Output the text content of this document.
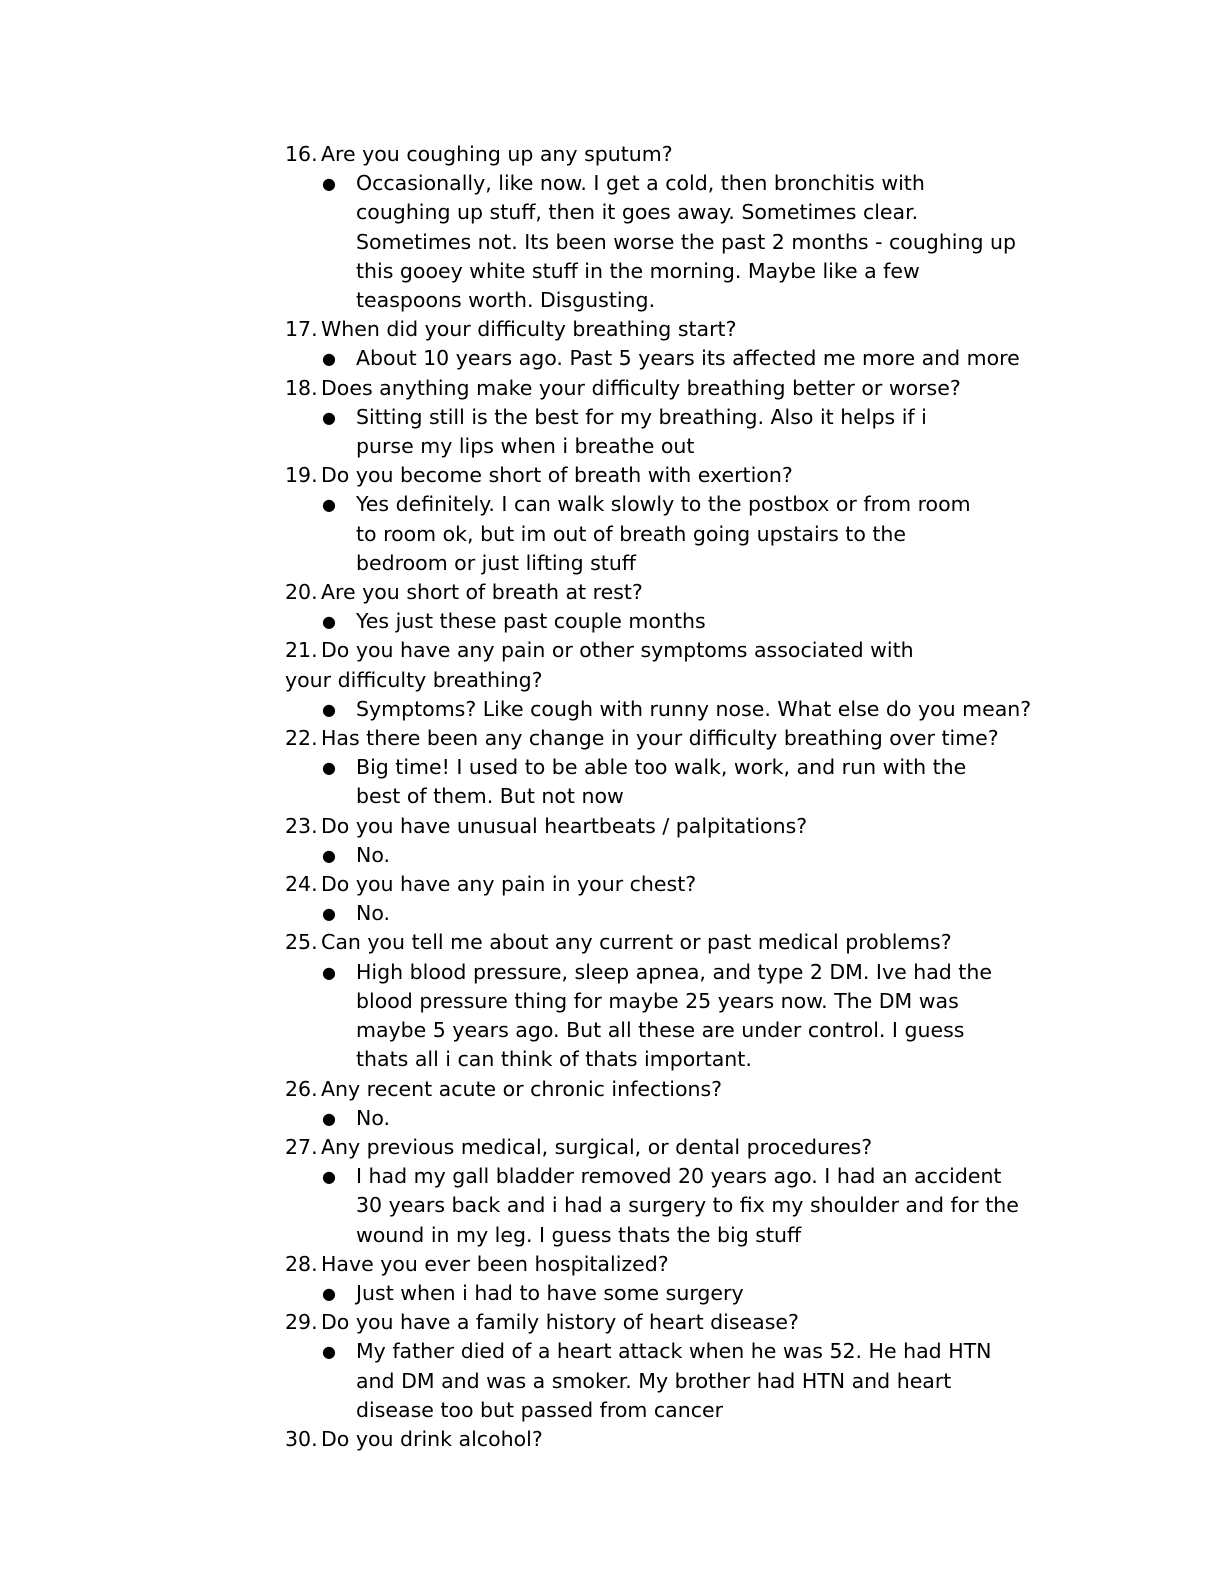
16. Are you coughing up any sputum?
● Occasionally, like now. I get a cold, then bronchitis with
coughing up stuff, then it goes away. Sometimes clear.
Sometimes not. Its been worse the past 2 months - coughing up
this gooey white stuff in the morning. Maybe like a few
teaspoons worth. Disgusting.
17. When did your difficulty breathing start?
● About 10 years ago. Past 5 years its affected me more and more
18. Does anything make your difficulty breathing better or worse?
● Sitting still is the best for my breathing. Also it helps if i
purse my lips when i breathe out
19. Do you become short of breath with exertion?
● Yes definitely. I can walk slowly to the postbox or from room
to room ok, but im out of breath going upstairs to the
bedroom or just lifting stuff
20. Are you short of breath at rest?
● Yes just these past couple months
21. Do you have any pain or other symptoms associated with
your difficulty breathing?
● Symptoms? Like cough with runny nose. What else do you mean?
22. Has there been any change in your difficulty breathing over time?
● Big time! I used to be able too walk, work, and run with the
best of them. But not now
23. Do you have unusual heartbeats / palpitations?
● No.
24. Do you have any pain in your chest?
● No.
25. Can you tell me about any current or past medical problems?
● High blood pressure, sleep apnea, and type 2 DM. Ive had the
blood pressure thing for maybe 25 years now. The DM was
maybe 5 years ago. But all these are under control. I guess
thats all i can think of thats important.
26. Any recent acute or chronic infections?
● No.
27. Any previous medical, surgical, or dental procedures?
● I had my gall bladder removed 20 years ago. I had an accident
30 years back and i had a surgery to fix my shoulder and for the
wound in my leg. I guess thats the big stuff
28. Have you ever been hospitalized?
● Just when i had to have some surgery
29. Do you have a family history of heart disease?
● My father died of a heart attack when he was 52. He had HTN
and DM and was a smoker. My brother had HTN and heart
disease too but passed from cancer
30. Do you drink alcohol?
